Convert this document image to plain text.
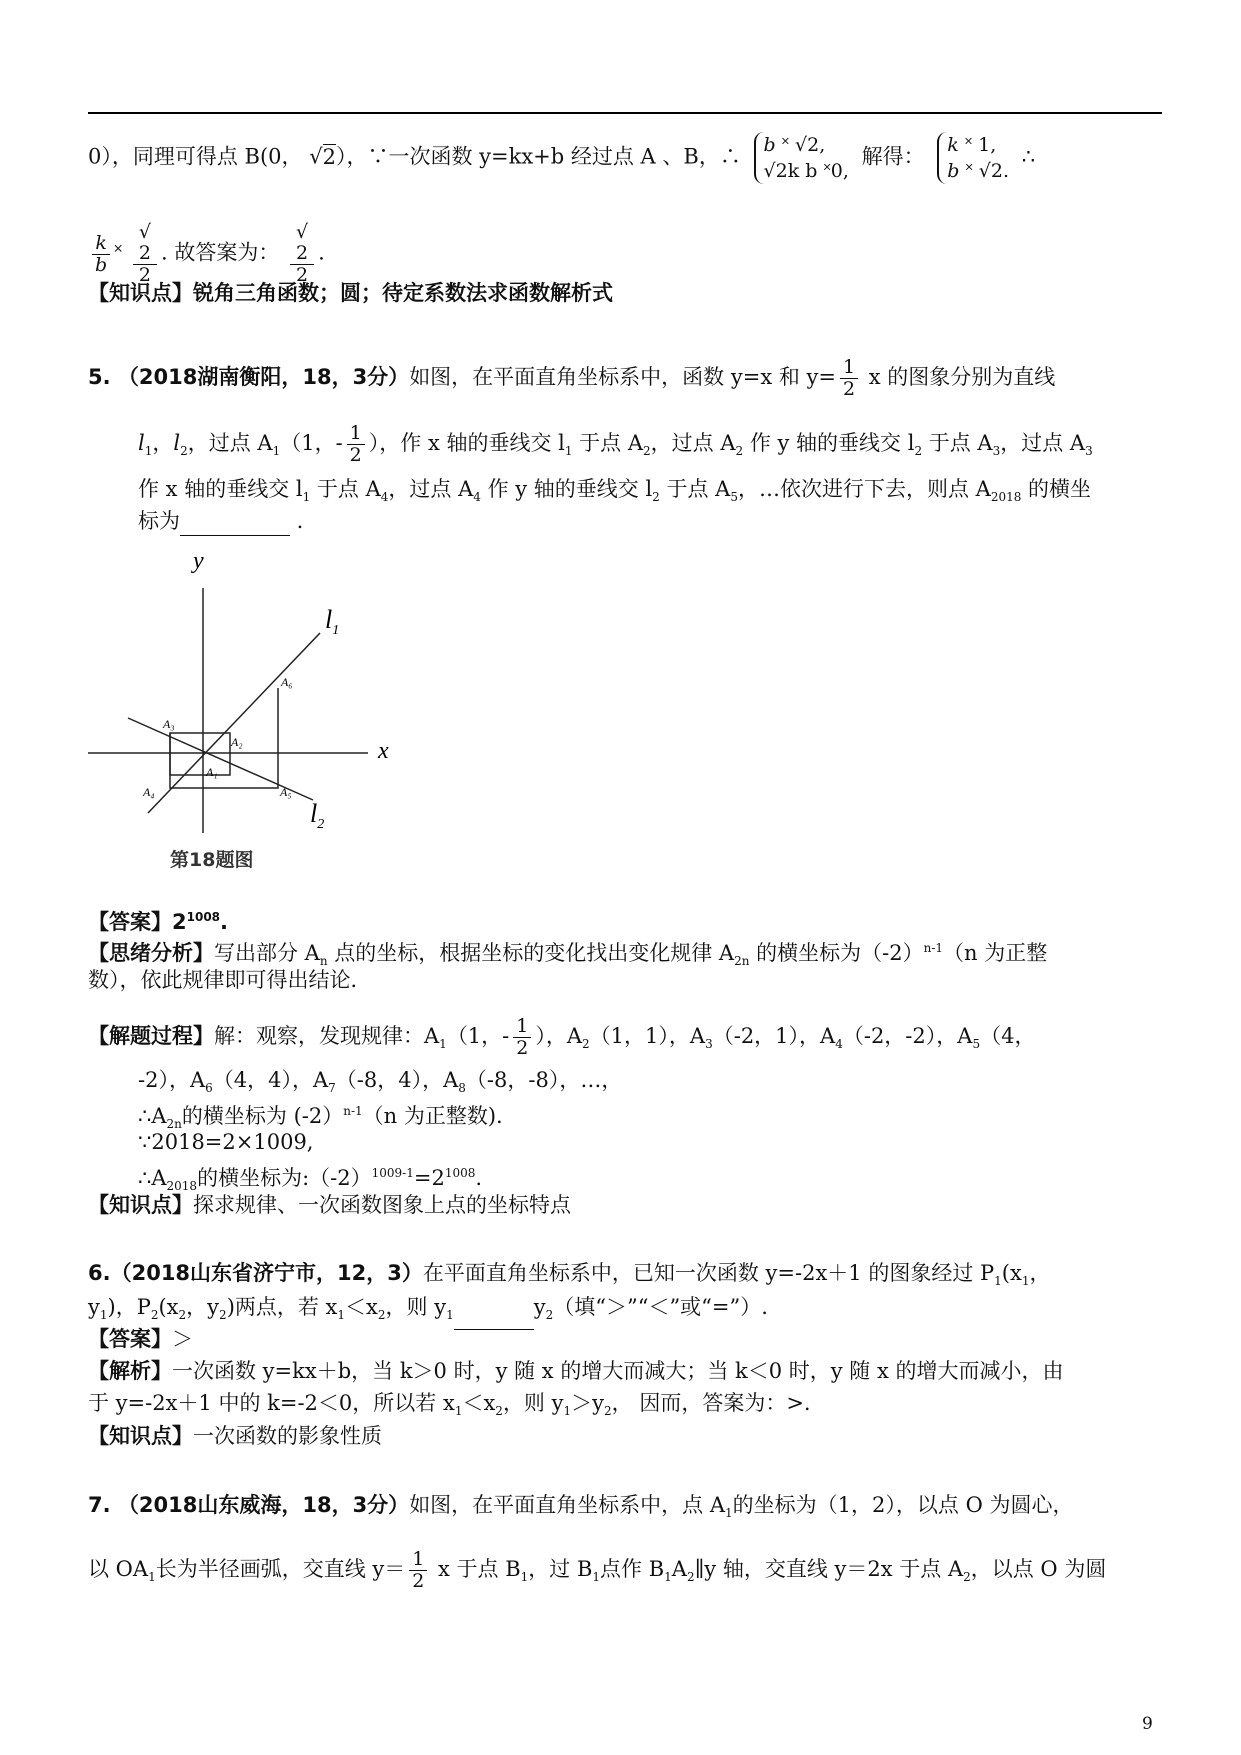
0），同理可得点 B(0， √2），∵一次函数 y=kx+b 经过点 A 、B，∴ b ˟ √2,
√2k b ˟0,
解得： k ˟ 1,
b ˟ √2.
∴
$\frac{k}{b}$ ˟ √
2
2 . 故答案为： √
2
2 .
【知识点】锐角三角函数；圆；待定系数法求函数解析式
5. （2018湖南衡阳，18，3分）如图，在平面直角坐标系中，函数 y=x 和 $y= \frac{1}{2}$ x 的图象分别为直线
$l_1$，$l_2$，过点 $A_1(1$，- $\frac{1}{2}$ ），作 x 轴的垂线交 $l_1$ 于点 $A_2$，过点 $A_2$ 作 y 轴的垂线交 $l_2$ 于点 $A_3$，过点 $A_3$
作 x 轴的垂线交 $l_1$ 于点 $A_4$，过点 $A_4$ 作 y 轴的垂线交 $l_2$ 于点 $A_5$，…依次进行下去，则点 $A_{2018}$ 的横坐
标为	.
A₃
A₂
A₁
A₄	A₅
A₆
y
x
$l_1$
$l_2$
第18题图
【答案】$2^{1008}$.
【思绪分析】写出部分 $A_n$ 点的坐标，根据坐标的变化找出变化规律 $A_{2n}$ 的横坐标为$(-2)^{n-1}(n$ 为正整
数），依此规律即可得出结论．
【解题过程】解：观察，发现规律：$A_1(1$，- $\frac{1}{2}$ ），$A_2(1$，1），$A_3(-2$，1），$A_4(-2$，-2），$A_5(4$，
-2），$A_6(4$，4），$A_7(-8$，4），$A_8(-8$，-8），…，
$\therefore A_{2n}$的横坐标为 (-2）$^{n-1}$（n 为正整数).
∵2018=2×1009,
$\therefore A_{2018}$的横坐标为$:(-2)^{1009-1}=2^{1008}$.
【知识点】探求规律、一次函数图象上点的坐标特点
6.（2018山东省济宁市，12，3）在平面直角坐标系中，已知一次函数 y=-2x＋1 的图象经过 $P_1(x_1$，
$y_1$)，$P_2(x_2$，$y_2$)两点，若 $x_1<x_2$，则 $y_1$	$y_2$（填“＞”“＜”或“=”）.
【答案】＞
【解析】一次函数 y=kx＋b，当 k＞0 时，y 随 x 的增大而减大；当 k＜0 时，y 随 x 的增大而减小，由
于 y=-2x＋1 中的 k=-2＜0，所以若 $x_1<x_2$，则 $y_1>y_2$， 因而，答案为：>.
【知识点】一次函数的影象性质
7. （2018山东威海，18，3分）如图，在平面直角坐标系中，点 $A_1$的坐标为（1，2），以点 O 为圆心，
以 $OA_1$长为半径画弧，交直线 $y= \frac{1}{2}$ x 于点 $B_1$，过 $B_1$点作 $B_1A_2\parallel y$ 轴，交直线 y＝2x 于点 $A_2$，以点 O 为圆
9
